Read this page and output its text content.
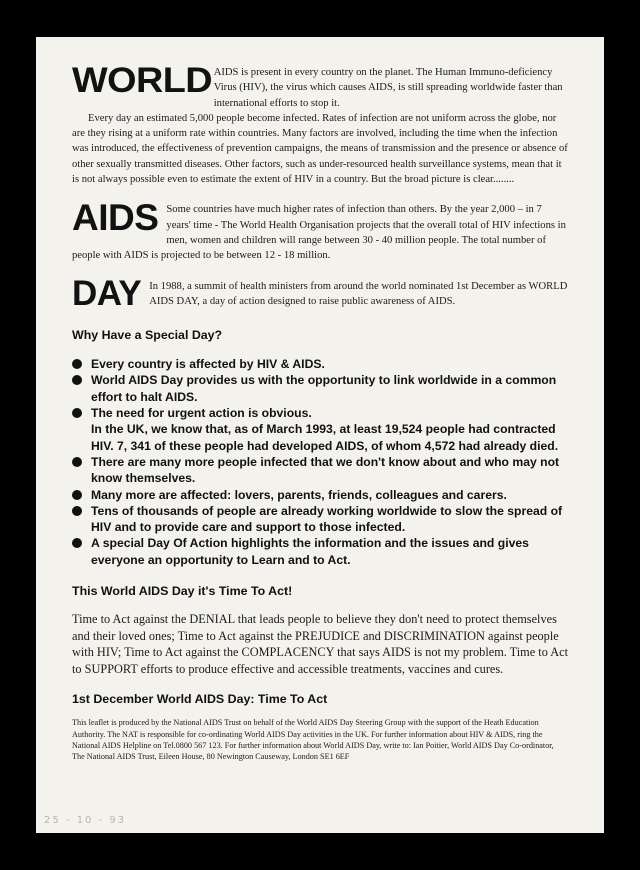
WORLD AIDS is present in every country on the planet. The Human Immuno-deficiency Virus (HIV), the virus which causes AIDS, is still spreading worldwide faster than international efforts to stop it.

Every day an estimated 5,000 people become infected. Rates of infection are not uniform across the globe, nor are they rising at a uniform rate within countries. Many factors are involved, including the time when the infection was introduced, the effectiveness of prevention campaigns, the means of transmission and the presence or absence of other sexually transmitted diseases. Other factors, such as under-resourced health surveillance systems, mean that it is not always possible even to estimate the extent of HIV in a country. But the broad picture is clear........

AIDS Some countries have much higher rates of infection than others. By the year 2,000 – in 7 years' time - The World Health Organisation projects that the overall total of HIV infections in men, women and children will range between 30 - 40 million people. The total number of people with AIDS is projected to be between 12 - 18 million.

DAY In 1988, a summit of health ministers from around the world nominated 1st December as WORLD AIDS DAY, a day of action designed to raise public awareness of AIDS.

Why Have a Special Day?

Every country is affected by HIV & AIDS.
World AIDS Day provides us with the opportunity to link worldwide in a common effort to halt AIDS.
The need for urgent action is obvious.
In the UK, we know that, as of March 1993, at least 19,524 people had contracted HIV. 7, 341 of these people had developed AIDS, of whom 4,572 had already died.
There are many more people infected that we don't know about and who may not know themselves.
Many more are affected: lovers, parents, friends, colleagues and carers.
Tens of thousands of people are already working worldwide to slow the spread of HIV and to provide care and support to those infected.
A special Day Of Action highlights the information and the issues and gives everyone an opportunity to Learn and to Act.

This World AIDS Day it's Time To Act!

Time to Act against the DENIAL that leads people to believe they don't need to protect themselves and their loved ones; Time to Act against the PREJUDICE and DISCRIMINATION against people with HIV; Time to Act against the COMPLACENCY that says AIDS is not my problem. Time to Act to SUPPORT efforts to produce effective and accessible treatments, vaccines and cures.

1st December World AIDS Day: Time To Act

This leaflet is produced by the National AIDS Trust on behalf of the World AIDS Day Steering Group with the support of the Heath Education Authority. The NAT is responsible for co-ordinating World AIDS Day activities in the UK. For further information about HIV & AIDS, ring the National AIDS Helpline on Tel.0800 567 123. For further information about World AIDS Day, write to: Ian Poitier, World AIDS Day Co-ordinator, The National AIDS Trust, Eileen House, 80 Newington Causeway, London SE1 6EF

25 - 10 - 93
